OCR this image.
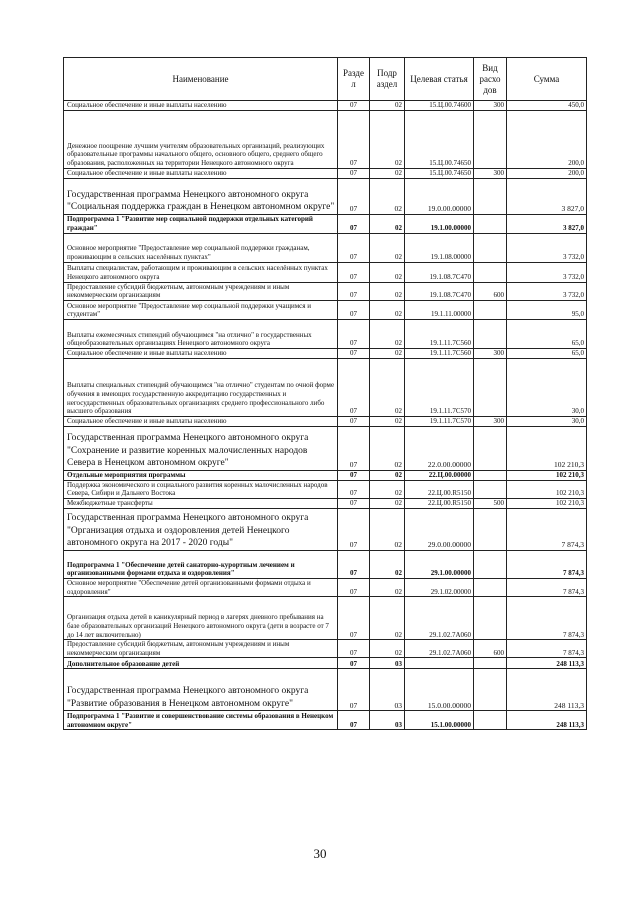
Наименование	Разде л	Подр аздел	Целевая статья	Вид расхо дов	Сумма
Социальное обеспечение и иные выплаты населению	07	02	15.Ц.00.74600	300	450,0
Денежное поощрение лучшим учителям образовательных организаций, реализующих образовательные программы начального общего, основного общего, среднего общего образования, расположенных на территории Ненецкого автономного округа	07	02	15.Ц.00.74650		200,0
Социальное обеспечение и иные выплаты населению	07	02	15.Ц.00.74650	300	200,0
Государственная программа Ненецкого автономного округа "Социальная поддержка граждан в Ненецком автономном округе"	07	02	19.0.00.00000		3 827,0
Подпрограмма 1 "Развитие мер социальной поддержки отдельных категорий граждан"	07	02	19.1.00.00000		3 827,0
Основное мероприятие "Предоставление мер социальной поддержки гражданам, проживающим в сельских населённых пунктах"	07	02	19.1.08.00000		3 732,0
Выплаты специалистам, работающим и проживающим в сельских населённых пунктах Ненецкого автономного округа	07	02	19.1.08.7С470		3 732,0
Предоставление субсидий бюджетным, автономным учреждениям и иным некоммерческим организациям	07	02	19.1.08.7С470	600	3 732,0
Основное мероприятие "Предоставление мер социальной поддержки учащимся и студентам"	07	02	19.1.11.00000		95,0
Выплаты ежемесячных стипендий обучающимся "на отлично" в государственных общеобразовательных организациях Ненецкого автономного округа	07	02	19.1.11.7С560		65,0
Социальное обеспечение и иные выплаты населению	07	02	19.1.11.7С560	300	65,0
Выплаты специальных стипендий обучающимся "на отлично" студентам по очной форме обучения в имеющих государственную аккредитацию государственных и негосударственных образовательных организациях среднего профессионального либо высшего образования	07	02	19.1.11.7С570		30,0
Социальное обеспечение и иные выплаты населению	07	02	19.1.11.7С570	300	30,0
Государственная программа Ненецкого автономного округа "Сохранение и развитие коренных малочисленных народов Севера в Ненецком автономном округе"	07	02	22.0.00.00000		102 210,3
Отдельные мероприятия программы	07	02	22.Ц.00.00000		102 210,3
Поддержка экономического и социального развития коренных малочисленных народов Севера, Сибири и Дальнего Востока	07	02	22.Ц.00.R5150		102 210,3
Межбюджетные трансферты	07	02	22.Ц.00.R5150	500	102 210,3
Государственная программа Ненецкого автономного округа "Организация отдыха и оздоровления детей Ненецкого автономного округа на 2017 - 2020 годы"	07	02	29.0.00.00000		7 874,3
Подпрограмма 1 "Обеспечение детей санаторно-курортным лечением и организованными формами отдыха и оздоровления"	07	02	29.1.00.00000		7 874,3
Основное мероприятие "Обеспечение детей организованными формами отдыха и оздоровления"	07	02	29.1.02.00000		7 874,3
Организация отдыха детей в каникулярный период в лагерях дневного пребывания на базе образовательных организаций Ненецкого автономного округа (дети в возрасте от 7 до 14 лет включительно)	07	02	29.1.02.7А060		7 874,3
Предоставление субсидий бюджетным, автономным учреждениям и иным некоммерческим организациям	07	02	29.1.02.7А060	600	7 874,3
Дополнительное образование детей	07	03			248 113,3
Государственная программа Ненецкого автономного округа "Развитие образования в Ненецком автономном округе"	07	03	15.0.00.00000		248 113,3
Подпрограмма 1 "Развитие и совершенствование системы образования в Ненецком автономном округе"	07	03	15.1.00.00000		248 113,3
30
